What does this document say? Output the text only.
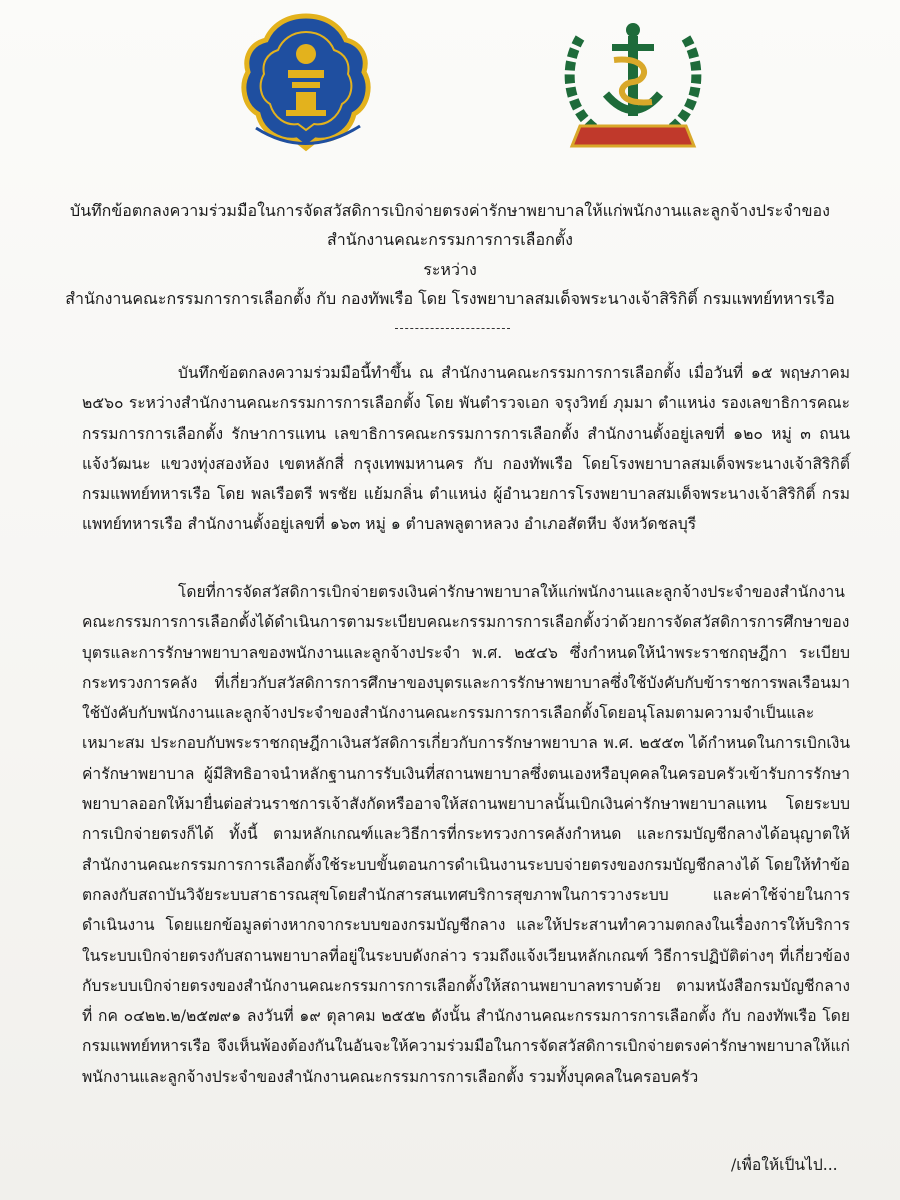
บันทึกข้อตกลงความร่วมมือในการจัดสวัสดิการเบิกจ่ายตรงค่ารักษาพยาบาลให้แก่พนักงานและลูกจ้างประจำของ

สำนักงานคณะกรรมการการเลือกตั้ง

ระหว่าง

สำนักงานคณะกรรมการการเลือกตั้ง กับ กองทัพเรือ โดย โรงพยาบาลสมเด็จพระนางเจ้าสิริกิติ์ กรมแพทย์ทหารเรือ

บันทึกข้อตกลงความร่วมมือนี้ทำขึ้น ณ สำนักงานคณะกรรมการการเลือกตั้ง เมื่อวันที่ ๑๕ พฤษภาคม ๒๕๖๐ ระหว่างสำนักงานคณะกรรมการการเลือกตั้ง โดย พันตำรวจเอก จรุงวิทย์ ภุมมา ตำแหน่ง รองเลขาธิการคณะกรรมการการเลือกตั้ง รักษาการแทน เลขาธิการคณะกรรมการการเลือกตั้ง สำนักงานตั้งอยู่เลขที่ ๑๒๐ หมู่ ๓ ถนนแจ้งวัฒนะ แขวงทุ่งสองห้อง เขตหลักสี่ กรุงเทพมหานคร กับ กองทัพเรือ โดยโรงพยาบาลสมเด็จพระนางเจ้าสิริกิติ์ กรมแพทย์ทหารเรือ โดย พลเรือตรี พรชัย แย้มกลิ่น ตำแหน่ง ผู้อำนวยการโรงพยาบาลสมเด็จพระนางเจ้าสิริกิติ์ กรมแพทย์ทหารเรือ สำนักงานตั้งอยู่เลขที่ ๑๖๓ หมู่ ๑ ตำบลพลูตาหลวง อำเภอสัตหีบ จังหวัดชลบุรี

โดยที่การจัดสวัสดิการเบิกจ่ายตรงเงินค่ารักษาพยาบาลให้แก่พนักงานและลูกจ้างประจำของสำนักงานคณะกรรมการการเลือกตั้งได้ดำเนินการตามระเบียบคณะกรรมการการเลือกตั้งว่าด้วยการจัดสวัสดิการการศึกษาของบุตรและการรักษาพยาบาลของพนักงานและลูกจ้างประจำ พ.ศ. ๒๕๔๖ ซึ่งกำหนดให้นำพระราชกฤษฎีกา ระเบียบกระทรวงการคลัง ที่เกี่ยวกับสวัสดิการการศึกษาของบุตรและการรักษาพยาบาลซึ่งใช้บังคับกับข้าราชการพลเรือนมาใช้บังคับกับพนักงานและลูกจ้างประจำของสำนักงานคณะกรรมการการเลือกตั้งโดยอนุโลมตามความจำเป็นและเหมาะสม ประกอบกับพระราชกฤษฎีกาเงินสวัสดิการเกี่ยวกับการรักษาพยาบาล พ.ศ. ๒๕๕๓ ได้กำหนดในการเบิกเงินค่ารักษาพยาบาล ผู้มีสิทธิอาจนำหลักฐานการรับเงินที่สถานพยาบาลซึ่งตนเองหรือบุคคลในครอบครัวเข้ารับการรักษาพยาบาลออกให้มายื่นต่อส่วนราชการเจ้าสังกัดหรืออาจให้สถานพยาบาลนั้นเบิกเงินค่ารักษาพยาบาลแทน โดยระบบการเบิกจ่ายตรงก็ได้ ทั้งนี้ ตามหลักเกณฑ์และวิธีการที่กระทรวงการคลังกำหนด และกรมบัญชีกลางได้อนุญาตให้สำนักงานคณะกรรมการการเลือกตั้งใช้ระบบขั้นตอนการดำเนินงานระบบจ่ายตรงของกรมบัญชีกลางได้ โดยให้ทำข้อตกลงกับสถาบันวิจัยระบบสาธารณสุขโดยสำนักสารสนเทศบริการสุขภาพในการวางระบบ และค่าใช้จ่ายในการดำเนินงาน โดยแยกข้อมูลต่างหากจากระบบของกรมบัญชีกลาง และให้ประสานทำความตกลงในเรื่องการให้บริการในระบบเบิกจ่ายตรงกับสถานพยาบาลที่อยู่ในระบบดังกล่าว รวมถึงแจ้งเวียนหลักเกณฑ์ วิธีการปฏิบัติต่างๆ ที่เกี่ยวข้องกับระบบเบิกจ่ายตรงของสำนักงานคณะกรรมการการเลือกตั้งให้สถานพยาบาลทราบด้วย ตามหนังสือกรมบัญชีกลาง ที่ กค ๐๔๒๒.๒/๒๕๗๙๑ ลงวันที่ ๑๙ ตุลาคม ๒๕๕๒ ดังนั้น สำนักงานคณะกรรมการการเลือกตั้ง กับ กองทัพเรือ โดยกรมแพทย์ทหารเรือ จึงเห็นพ้องต้องกันในอันจะให้ความร่วมมือในการจัดสวัสดิการเบิกจ่ายตรงค่ารักษาพยาบาลให้แก่พนักงานและลูกจ้างประจำของสำนักงานคณะกรรมการการเลือกตั้ง รวมทั้งบุคคลในครอบครัว

/เพื่อให้เป็นไป...
